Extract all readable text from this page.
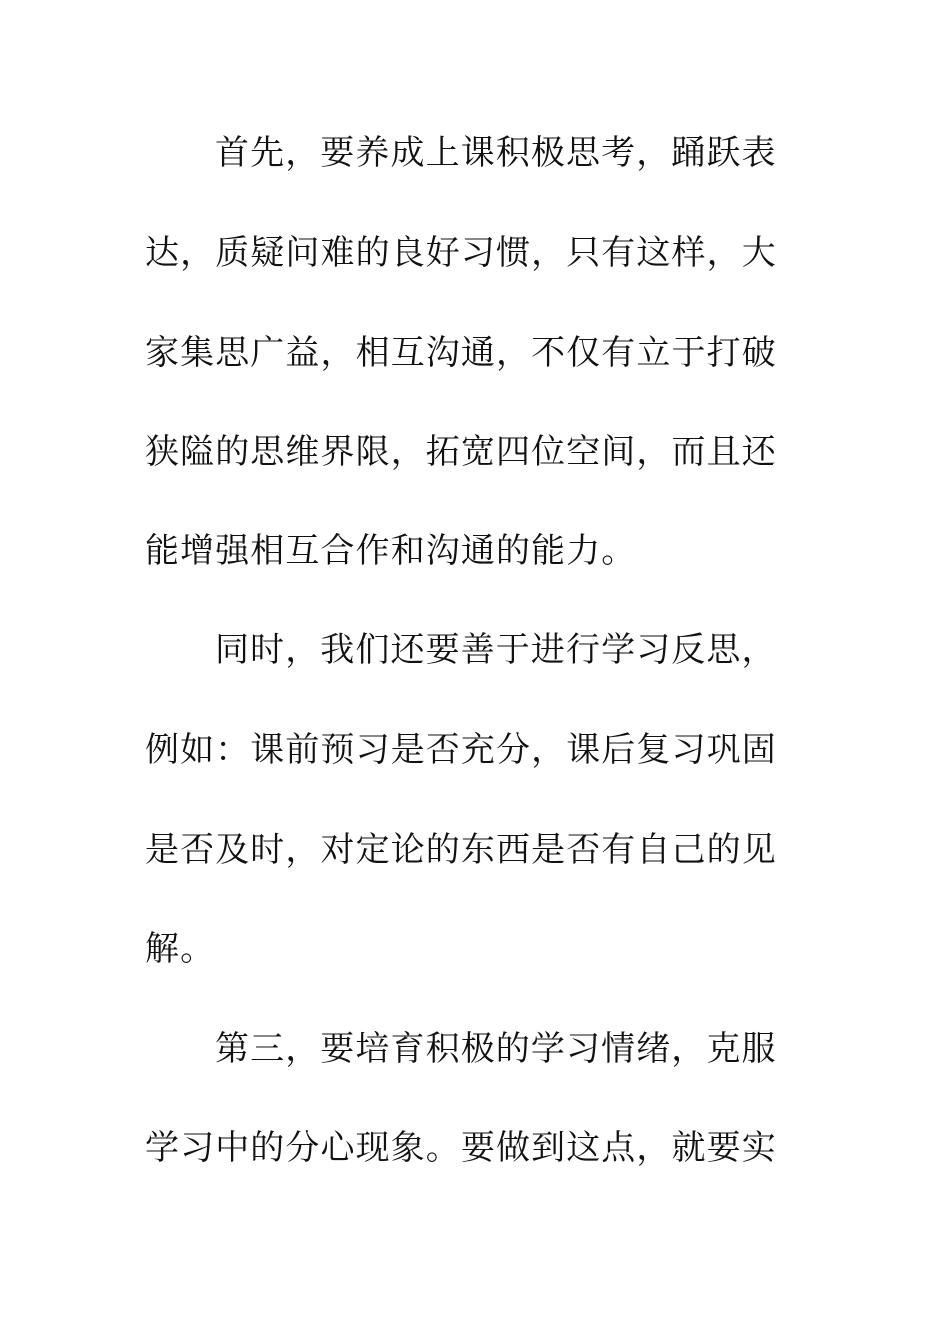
首先，要养成上课积极思考，踊跃表
达，质疑问难的良好习惯，只有这样，大
家集思广益，相互沟通，不仅有立于打破
狭隘的思维界限，拓宽四位空间，而且还
能增强相互合作和沟通的能力。
同时，我们还要善于进行学习反思，
例如：课前预习是否充分，课后复习巩固
是否及时，对定论的东西是否有自己的见
解。
第三，要培育积极的学习情绪，克服
学习中的分心现象。要做到这点，就要实
